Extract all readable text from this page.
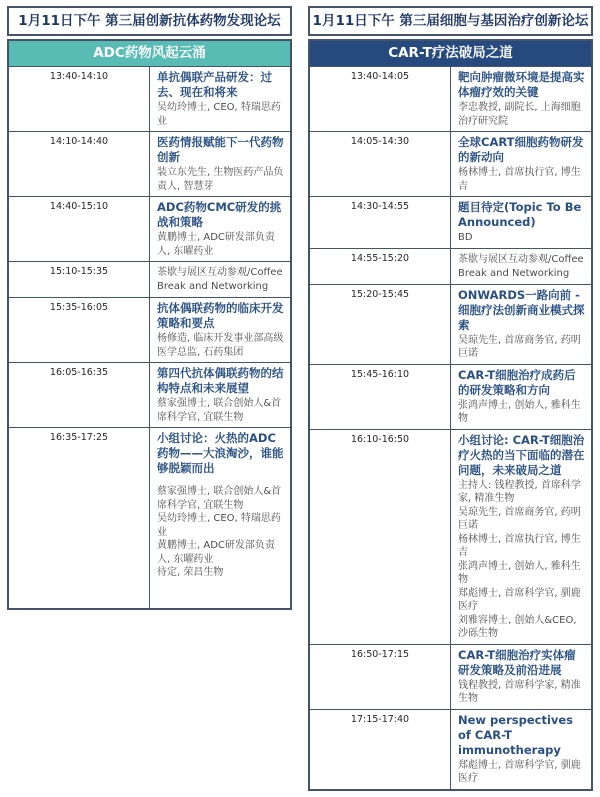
1月11日下午 第三届创新抗体药物发现论坛
ADC药物风起云涌	
13:40-14:10	单抗偶联产品研发：过去、现在和将来
吴幼玲博士, CEO, 特瑞思药业

14:10-14:40	医药情报赋能下一代药物创新
装立东先生, 生物医药产品负责人, 智慧芽

14:40-15:10	ADC药物CMC研发的挑战和策略
黄鹏博士, ADC研发部负责人, 东曜药业

15:10-15:35	茶歇与展区互动参观/Coffee Break and Networking

15:35-16:05	抗体偶联药物的临床开发策略和要点
杨修造, 临床开发事业部高级医学总监, 石药集团

16:05-16:35	第四代抗体偶联药物的结构特点和未来展望
蔡家强博士, 联合创始人&首席科学官, 宜联生物

16:35-17:25	小组讨论：火热的ADC药物——大浪淘沙，谁能够脱颖而出
蔡家强博士, 联合创始人&首席科学官, 宜联生物
吴幼玲博士, CEO, 特瑞思药业
黄鹏博士, ADC研发部负责人, 东曜药业
待定, 荣昌生物
1月11日下午 第三届细胞与基因治疗创新论坛
CAR-T疗法破局之道	
13:40-14:05	靶向肿瘤微环境是提高实体瘤疗效的关键
李忠教授, 副院长, 上海细胞治疗研究院

14:05-14:30	全球CART细胞药物研发的新动向
杨林博士, 首席执行官, 博生吉

14:30-14:55	题目待定(Topic To Be Announced)
BD

14:55-15:20	茶歇与展区互动参观/Coffee Break and Networking

15:20-15:45	ONWARDS一路向前 - 细胞疗法创新商业模式探索
吴琼先生, 首席商务官, 药明巨诺

15:45-16:10	CAR-T细胞治疗成药后的研发策略和方向
张鸿声博士, 创始人, 雅科生物

16:10-16:50	小组讨论: CAR-T细胞治疗火热的当下面临的潜在问题，未来破局之道
主持人: 钱程教授, 首席科学家, 精准生物
吴琼先生, 首席商务官, 药明巨诺
杨林博士, 首席执行官, 博生吉
张鸿声博士, 创始人, 雅科生物
郑彪博士, 首席科学官, 驯鹿医疗
刘雅容博士, 创始人&CEO, 沙砾生物

16:50-17:15	CAR-T细胞治疗实体瘤研发策略及前沿进展
钱程教授, 首席科学家, 精准生物

17:15-17:40	New perspectives of CAR-T immunotherapy
郑彪博士, 首席科学官, 驯鹿医疗
